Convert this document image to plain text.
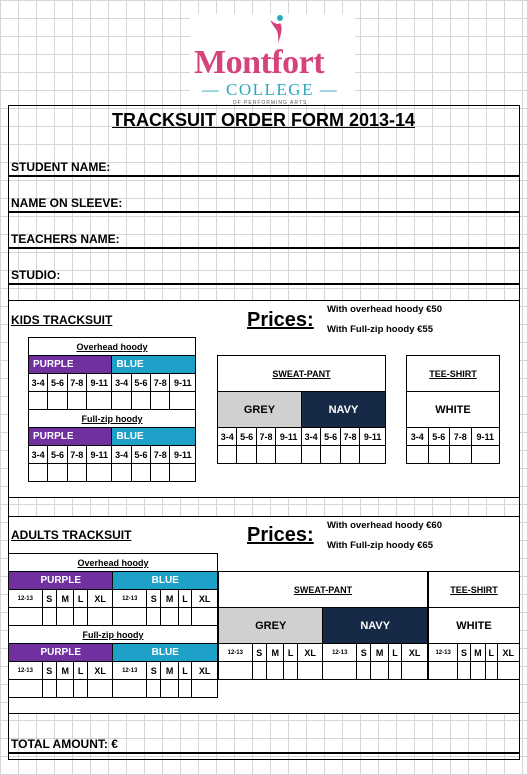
Montfort
— COLLEGE —
OF PERFORMING ARTS
TRACKSUIT ORDER FORM 2013-14
STUDENT NAME:
NAME ON SLEEVE:
TEACHERS NAME:
STUDIO:
KIDS TRACKSUIT	Prices: With overhead hoody €50
With Full-zip hoody €55
Overhead hoody							
PURPLE				BLUE			
3-4	5-6	7-8	9-11	3-4	5-6	7-8	9-11

Full-zip hoody							
PURPLE				BLUE			
3-4	5-6	7-8	9-11	3-4	5-6	7-8	9-11

SWEAT-PANT							
GREY				NAVY			
3-4	5-6	7-8	9-11	3-4	5-6	7-8	9-11

TEE-SHIRT			
WHITE			
3-4	5-6	7-8	9-11

ADULTS TRACKSUIT	Prices: With overhead hoody €60
With Full-zip hoody €65
Overhead hoody									
PURPLE					BLUE				
12-13	S	M	L	XL	12-13	S	M	L	XL

Full-zip hoody									
PURPLE					BLUE				
12-13	S	M	L	XL	12-13	S	M	L	XL

SWEAT-PANT									
GREY					NAVY				
12-13	S	M	L	XL	12-13	S	M	L	XL

TEE-SHIRT				
WHITE				
12-13	S	M	L	XL

TOTAL AMOUNT: €
